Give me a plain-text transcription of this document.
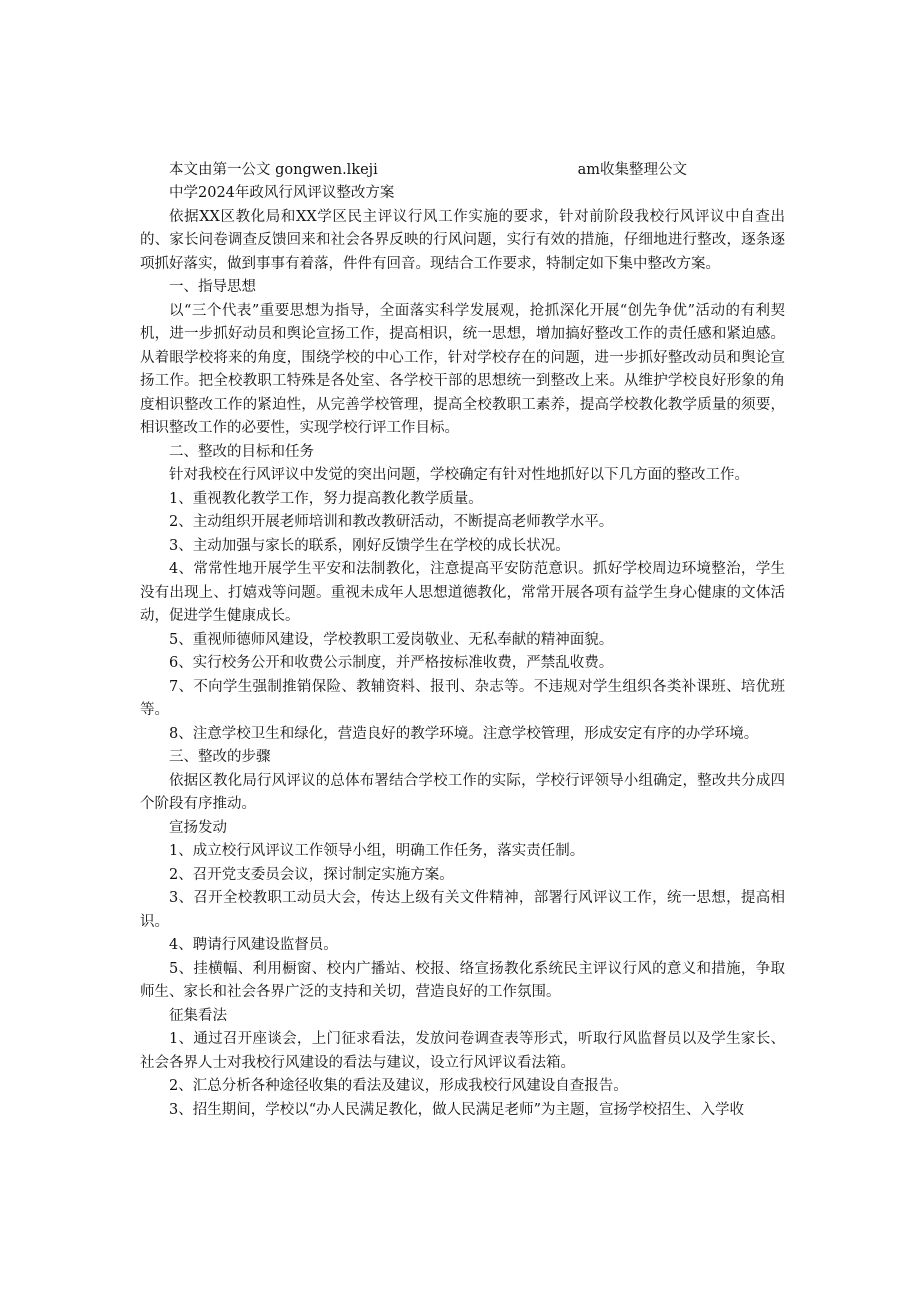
本文由第一公文 gongwen.lkeji	am收集整理公文

中学2024年政风行风评议整改方案

依据XX区教化局和XX学区民主评议行风工作实施的要求，针对前阶段我校行风评议中自查出的、家长问卷调查反馈回来和社会各界反映的行风问题，实行有效的措施，仔细地进行整改，逐条逐项抓好落实，做到事事有着落，件件有回音。现结合工作要求，特制定如下集中整改方案。

一、指导思想

以“三个代表”重要思想为指导，全面落实科学发展观，抢抓深化开展“创先争优”活动的有利契机，进一步抓好动员和舆论宣扬工作，提高相识，统一思想，增加搞好整改工作的责任感和紧迫感。从着眼学校将来的角度，围绕学校的中心工作，针对学校存在的问题，进一步抓好整改动员和舆论宣扬工作。把全校教职工特殊是各处室、各学校干部的思想统一到整改上来。从维护学校良好形象的角度相识整改工作的紧迫性，从完善学校管理，提高全校教职工素养，提高学校教化教学质量的须要，相识整改工作的必要性，实现学校行评工作目标。

二、整改的目标和任务

针对我校在行风评议中发觉的突出问题，学校确定有针对性地抓好以下几方面的整改工作。

1、重视教化教学工作，努力提高教化教学质量。

2、主动组织开展老师培训和教改教研活动，不断提高老师教学水平。

3、主动加强与家长的联系，刚好反馈学生在学校的成长状况。

4、常常性地开展学生平安和法制教化，注意提高平安防范意识。抓好学校周边环境整治，学生没有出现上、打嬉戏等问题。重视未成年人思想道德教化，常常开展各项有益学生身心健康的文体活动，促进学生健康成长。

5、重视师德师风建设，学校教职工爱岗敬业、无私奉献的精神面貌。

6、实行校务公开和收费公示制度，并严格按标准收费，严禁乱收费。

7、不向学生强制推销保险、教辅资料、报刊、杂志等。不违规对学生组织各类补课班、培优班等。

8、注意学校卫生和绿化，营造良好的教学环境。注意学校管理，形成安定有序的办学环境。

三、整改的步骤

依据区教化局行风评议的总体布署结合学校工作的实际，学校行评领导小组确定，整改共分成四个阶段有序推动。

宣扬发动

1、成立校行风评议工作领导小组，明确工作任务，落实责任制。

2、召开党支委员会议，探讨制定实施方案。

3、召开全校教职工动员大会，传达上级有关文件精神，部署行风评议工作，统一思想，提高相识。

4、聘请行风建设监督员。

5、挂横幅、利用橱窗、校内广播站、校报、络宣扬教化系统民主评议行风的意义和措施，争取师生、家长和社会各界广泛的支持和关切，营造良好的工作氛围。

征集看法

1、通过召开座谈会，上门征求看法，发放问卷调查表等形式，听取行风监督员以及学生家长、社会各界人士对我校行风建设的看法与建议，设立行风评议看法箱。

2、汇总分析各种途径收集的看法及建议，形成我校行风建设自查报告。

3、招生期间，学校以“办人民满足教化，做人民满足老师”为主题，宣扬学校招生、入学收
